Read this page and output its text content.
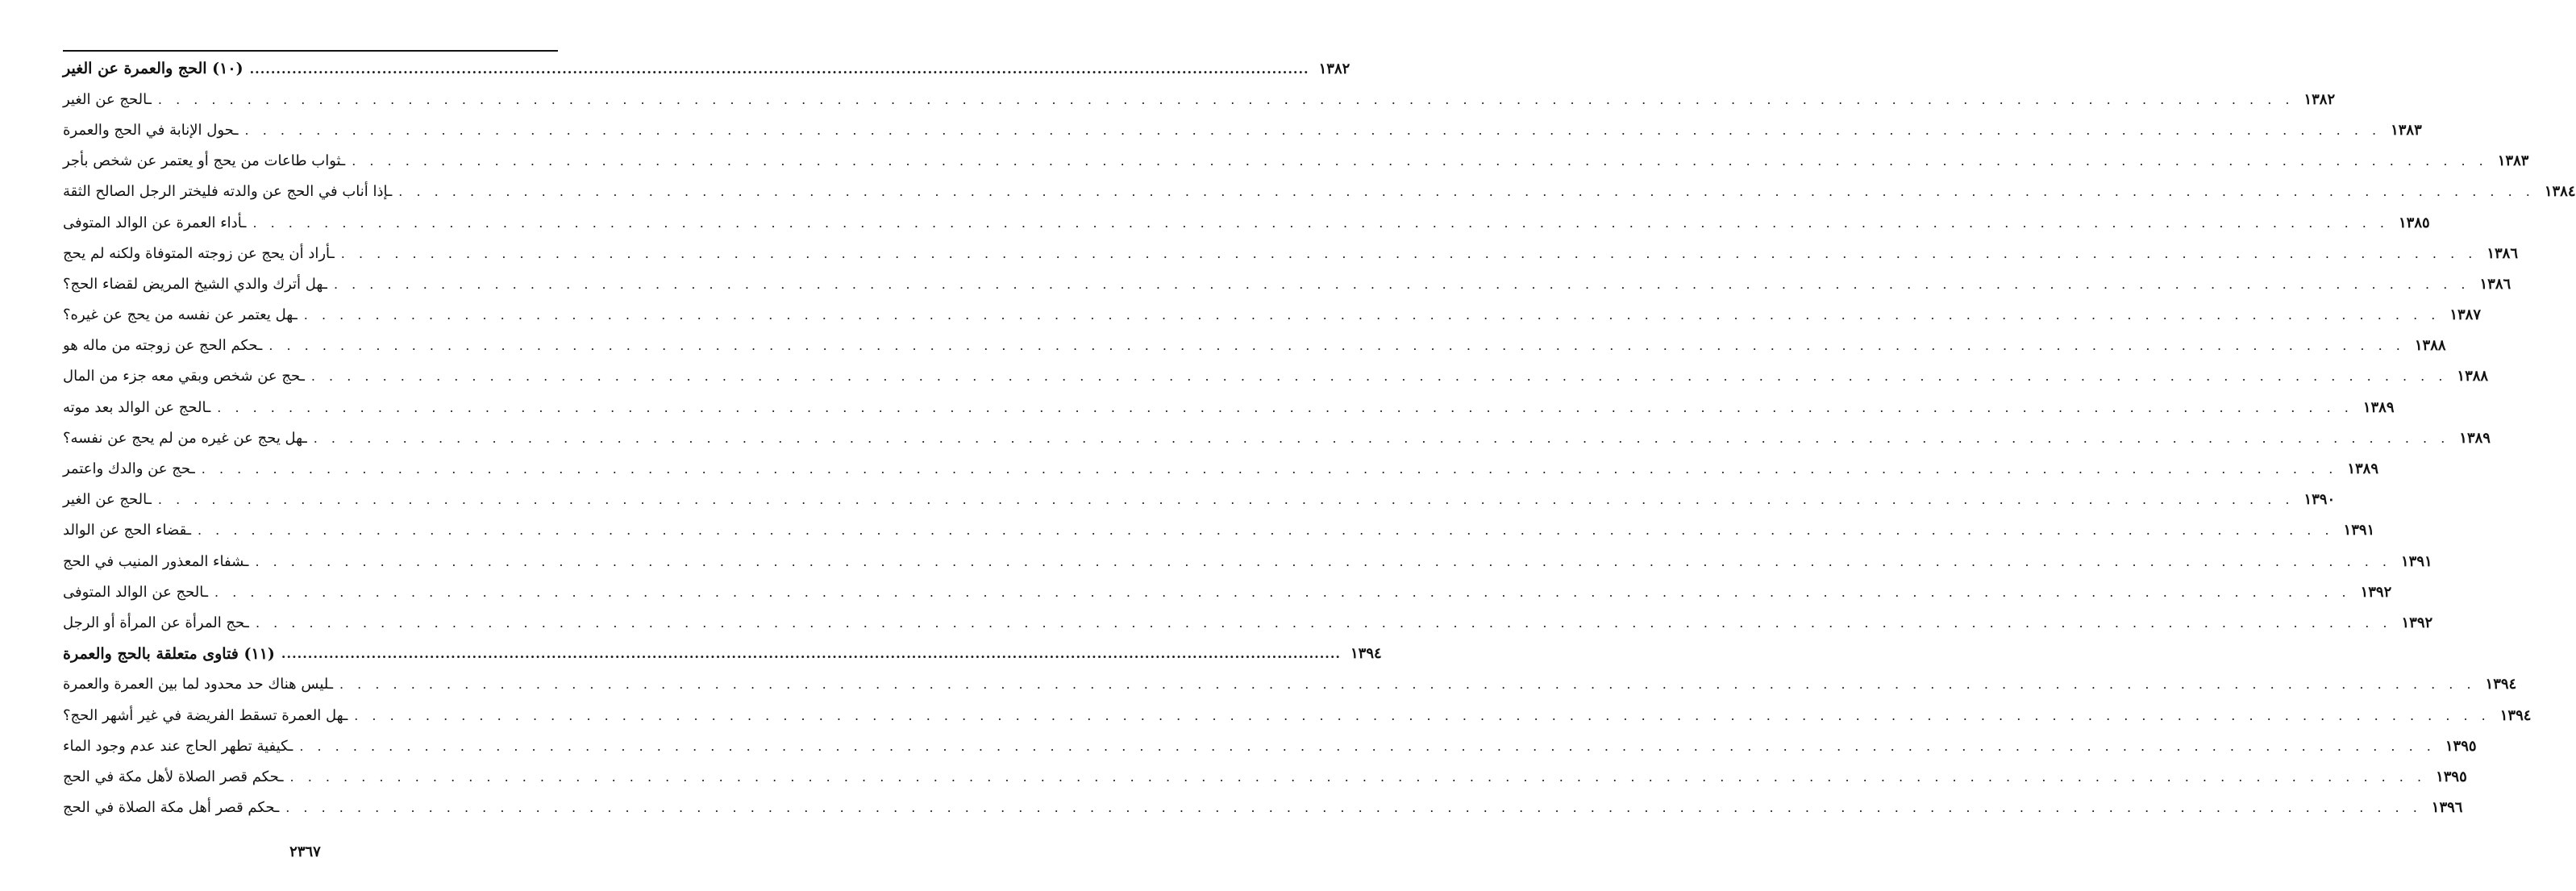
(١٠) الحج والعمرة عن الغير ........................................................................................................................................................................................................ ١٣٨٢
ـالحج عن الغير . . . . . . . . . . . . . . . . . . . . . . . . . . . . . . . . . . . . . . . . . . . . . . . . . . . . . . . . . . . . . . . . . . . . . . . . . . . . . . . . . . . . . . . . . . . . . . . . . . . . . . . . . . . . . . . . . . . . . . . . ١٣٨٢
ـحول الإنابة في الحج والعمرة . . . . . . . . . . . . . . . . . . . . . . . . . . . . . . . . . . . . . . . . . . . . . . . . . . . . . . . . . . . . . . . . . . . . . . . . . . . . . . . . . . . . . . . . . . . . . . . . . . . . . . . . . . . . . . . . . . . . . . . . ١٣٨٣
ـثواب طاعات من يحج أو يعتمر عن شخص بأجر . . . . . . . . . . . . . . . . . . . . . . . . . . . . . . . . . . . . . . . . . . . . . . . . . . . . . . . . . . . . . . . . . . . . . . . . . . . . . . . . . . . . . . . . . . . . . . . . . . . . . . . . . . . . . . . . . . . . . . . . ١٣٨٣
ـإذا أناب في الحج عن والدته فليختر الرجل الصالح الثقة . . . . . . . . . . . . . . . . . . . . . . . . . . . . . . . . . . . . . . . . . . . . . . . . . . . . . . . . . . . . . . . . . . . . . . . . . . . . . . . . . . . . . . . . . . . . . . . . . . . . . . . . . . . . . . . . . . . . . . . . ١٣٨٤
ـأداء العمرة عن الوالد المتوفى . . . . . . . . . . . . . . . . . . . . . . . . . . . . . . . . . . . . . . . . . . . . . . . . . . . . . . . . . . . . . . . . . . . . . . . . . . . . . . . . . . . . . . . . . . . . . . . . . . . . . . . . . . . . . . . . . . . . . . . . ١٣٨٥
ـأراد أن يحج عن زوجته المتوفاة ولكنه لم يحج . . . . . . . . . . . . . . . . . . . . . . . . . . . . . . . . . . . . . . . . . . . . . . . . . . . . . . . . . . . . . . . . . . . . . . . . . . . . . . . . . . . . . . . . . . . . . . . . . . . . . . . . . . . . . . . . . . . . . . . . ١٣٨٦
ـهل أترك والدي الشيخ المريض لقضاء الحج؟ . . . . . . . . . . . . . . . . . . . . . . . . . . . . . . . . . . . . . . . . . . . . . . . . . . . . . . . . . . . . . . . . . . . . . . . . . . . . . . . . . . . . . . . . . . . . . . . . . . . . . . . . . . . . . . . . . . . . . . . . ١٣٨٦
ـهل يعتمر عن نفسه من يحج عن غيره؟ . . . . . . . . . . . . . . . . . . . . . . . . . . . . . . . . . . . . . . . . . . . . . . . . . . . . . . . . . . . . . . . . . . . . . . . . . . . . . . . . . . . . . . . . . . . . . . . . . . . . . . . . . . . . . . . . . . . . . . . . ١٣٨٧
ـحكم الحج عن زوجته من ماله هو . . . . . . . . . . . . . . . . . . . . . . . . . . . . . . . . . . . . . . . . . . . . . . . . . . . . . . . . . . . . . . . . . . . . . . . . . . . . . . . . . . . . . . . . . . . . . . . . . . . . . . . . . . . . . . . . . . . . . . . . ١٣٨٨
ـحج عن شخص وبقي معه جزء من المال . . . . . . . . . . . . . . . . . . . . . . . . . . . . . . . . . . . . . . . . . . . . . . . . . . . . . . . . . . . . . . . . . . . . . . . . . . . . . . . . . . . . . . . . . . . . . . . . . . . . . . . . . . . . . . . . . . . . . . . . ١٣٨٨
ـالحج عن الوالد بعد موته . . . . . . . . . . . . . . . . . . . . . . . . . . . . . . . . . . . . . . . . . . . . . . . . . . . . . . . . . . . . . . . . . . . . . . . . . . . . . . . . . . . . . . . . . . . . . . . . . . . . . . . . . . . . . . . . . . . . . . . . ١٣٨٩
ـهل يحج عن غيره من لم يحج عن نفسه؟ . . . . . . . . . . . . . . . . . . . . . . . . . . . . . . . . . . . . . . . . . . . . . . . . . . . . . . . . . . . . . . . . . . . . . . . . . . . . . . . . . . . . . . . . . . . . . . . . . . . . . . . . . . . . . . . . . . . . . . . . ١٣٨٩
ـحج عن والدك واعتمر . . . . . . . . . . . . . . . . . . . . . . . . . . . . . . . . . . . . . . . . . . . . . . . . . . . . . . . . . . . . . . . . . . . . . . . . . . . . . . . . . . . . . . . . . . . . . . . . . . . . . . . . . . . . . . . . . . . . . . . . ١٣٨٩
ـالحج عن الغير . . . . . . . . . . . . . . . . . . . . . . . . . . . . . . . . . . . . . . . . . . . . . . . . . . . . . . . . . . . . . . . . . . . . . . . . . . . . . . . . . . . . . . . . . . . . . . . . . . . . . . . . . . . . . . . . . . . . . . . . ١٣٩٠
ـقضاء الحج عن الوالد . . . . . . . . . . . . . . . . . . . . . . . . . . . . . . . . . . . . . . . . . . . . . . . . . . . . . . . . . . . . . . . . . . . . . . . . . . . . . . . . . . . . . . . . . . . . . . . . . . . . . . . . . . . . . . . . . . . . . . . . ١٣٩١
ـشفاء المعذور المنيب في الحج . . . . . . . . . . . . . . . . . . . . . . . . . . . . . . . . . . . . . . . . . . . . . . . . . . . . . . . . . . . . . . . . . . . . . . . . . . . . . . . . . . . . . . . . . . . . . . . . . . . . . . . . . . . . . . . . . . . . . . . . ١٣٩١
ـالحج عن الوالد المتوفى . . . . . . . . . . . . . . . . . . . . . . . . . . . . . . . . . . . . . . . . . . . . . . . . . . . . . . . . . . . . . . . . . . . . . . . . . . . . . . . . . . . . . . . . . . . . . . . . . . . . . . . . . . . . . . . . . . . . . . . . ١٣٩٢
ـحج المرأة عن المرأة أو الرجل . . . . . . . . . . . . . . . . . . . . . . . . . . . . . . . . . . . . . . . . . . . . . . . . . . . . . . . . . . . . . . . . . . . . . . . . . . . . . . . . . . . . . . . . . . . . . . . . . . . . . . . . . . . . . . . . . . . . . . . . ١٣٩٢
(١١) فتاوى متعلقة بالحج والعمرة ........................................................................................................................................................................................................ ١٣٩٤
ـليس هناك حد محدود لما بين العمرة والعمرة . . . . . . . . . . . . . . . . . . . . . . . . . . . . . . . . . . . . . . . . . . . . . . . . . . . . . . . . . . . . . . . . . . . . . . . . . . . . . . . . . . . . . . . . . . . . . . . . . . . . . . . . . . . . . . . . . . . . . . . . ١٣٩٤
ـهل العمرة تسقط الفريضة في غير أشهر الحج؟ . . . . . . . . . . . . . . . . . . . . . . . . . . . . . . . . . . . . . . . . . . . . . . . . . . . . . . . . . . . . . . . . . . . . . . . . . . . . . . . . . . . . . . . . . . . . . . . . . . . . . . . . . . . . . . . . . . . . . . . . ١٣٩٤
ـكيفية تطهر الحاج عند عدم وجود الماء . . . . . . . . . . . . . . . . . . . . . . . . . . . . . . . . . . . . . . . . . . . . . . . . . . . . . . . . . . . . . . . . . . . . . . . . . . . . . . . . . . . . . . . . . . . . . . . . . . . . . . . . . . . . . . . . . . . . . . . . ١٣٩٥
ـحكم قصر الصلاة لأهل مكة في الحج . . . . . . . . . . . . . . . . . . . . . . . . . . . . . . . . . . . . . . . . . . . . . . . . . . . . . . . . . . . . . . . . . . . . . . . . . . . . . . . . . . . . . . . . . . . . . . . . . . . . . . . . . . . . . . . . . . . . . . . . ١٣٩٥
ـحكم قصر أهل مكة الصلاة في الحج . . . . . . . . . . . . . . . . . . . . . . . . . . . . . . . . . . . . . . . . . . . . . . . . . . . . . . . . . . . . . . . . . . . . . . . . . . . . . . . . . . . . . . . . . . . . . . . . . . . . . . . . . . . . . . . . . . . . . . . . ١٣٩٦
٢٣٦٧
